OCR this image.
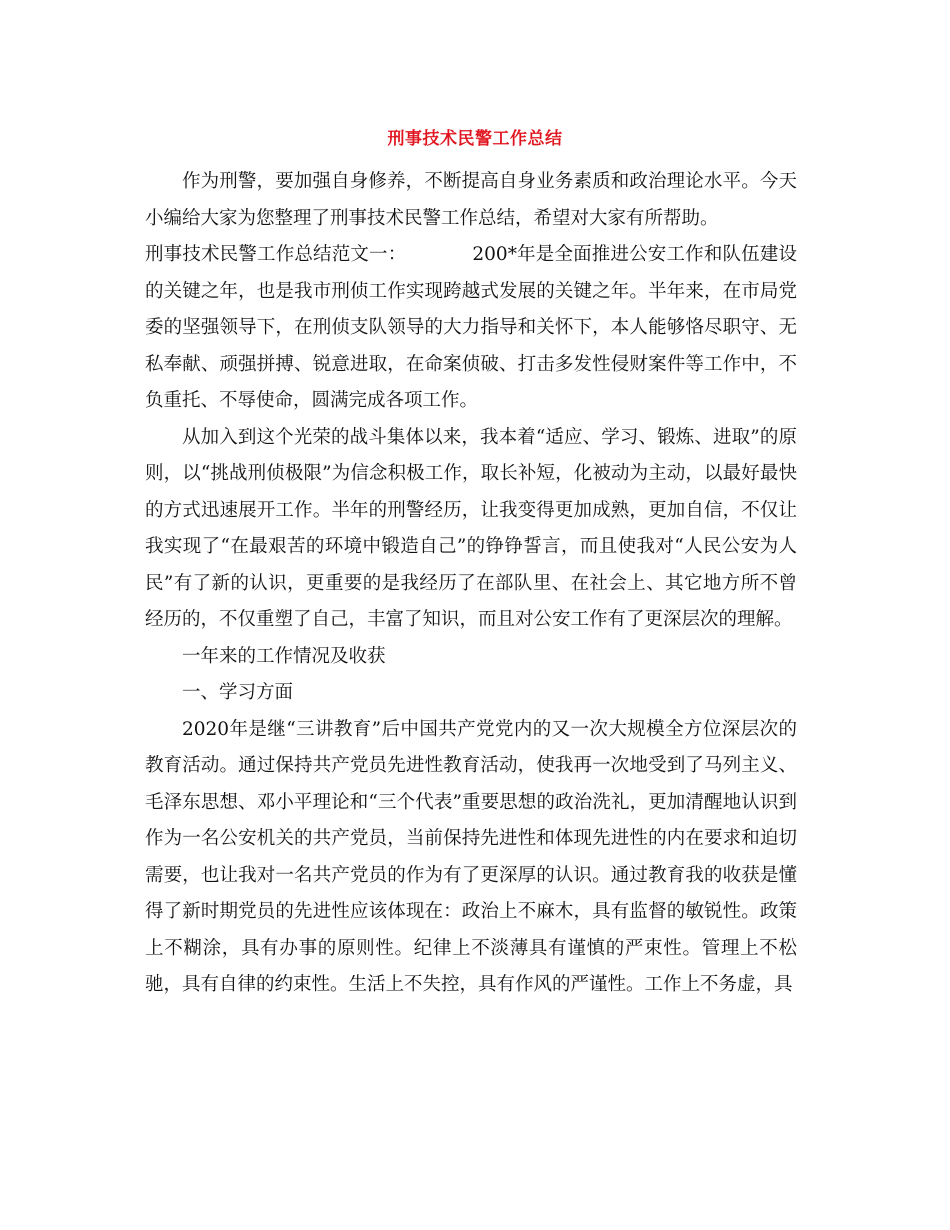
刑事技术民警工作总结

作为刑警，要加强自身修养，不断提高自身业务素质和政治理论水平。今天小编给大家为您整理了刑事技术民警工作总结，希望对大家有所帮助。

刑事技术民警工作总结范文一：	200*年是全面推进公安工作和队伍建设的关键之年，也是我市刑侦工作实现跨越式发展的关键之年。半年来，在市局党委的坚强领导下，在刑侦支队领导的大力指导和关怀下，本人能够恪尽职守、无私奉献、顽强拼搏、锐意进取，在命案侦破、打击多发性侵财案件等工作中，不负重托、不辱使命，圆满完成各项工作。

从加入到这个光荣的战斗集体以来，我本着“适应、学习、锻炼、进取”的原则，以“挑战刑侦极限”为信念积极工作，取长补短，化被动为主动，以最好最快的方式迅速展开工作。半年的刑警经历，让我变得更加成熟，更加自信，不仅让我实现了“在最艰苦的环境中锻造自己”的铮铮誓言，而且使我对“人民公安为人民”有了新的认识，更重要的是我经历了在部队里、在社会上、其它地方所不曾经历的，不仅重塑了自己，丰富了知识，而且对公安工作有了更深层次的理解。

一年来的工作情况及收获

一、学习方面

2020年是继“三讲教育”后中国共产党党内的又一次大规模全方位深层次的教育活动。通过保持共产党员先进性教育活动，使我再一次地受到了马列主义、毛泽东思想、邓小平理论和“三个代表”重要思想的政治洗礼，更加清醒地认识到作为一名公安机关的共产党员，当前保持先进性和体现先进性的内在要求和迫切需要，也让我对一名共产党员的作为有了更深厚的认识。通过教育我的收获是懂得了新时期党员的先进性应该体现在：政治上不麻木，具有监督的敏锐性。政策上不糊涂，具有办事的原则性。纪律上不淡薄具有谨慎的严束性。管理上不松驰，具有自律的约束性。生活上不失控，具有作风的严谨性。工作上不务虚，具
